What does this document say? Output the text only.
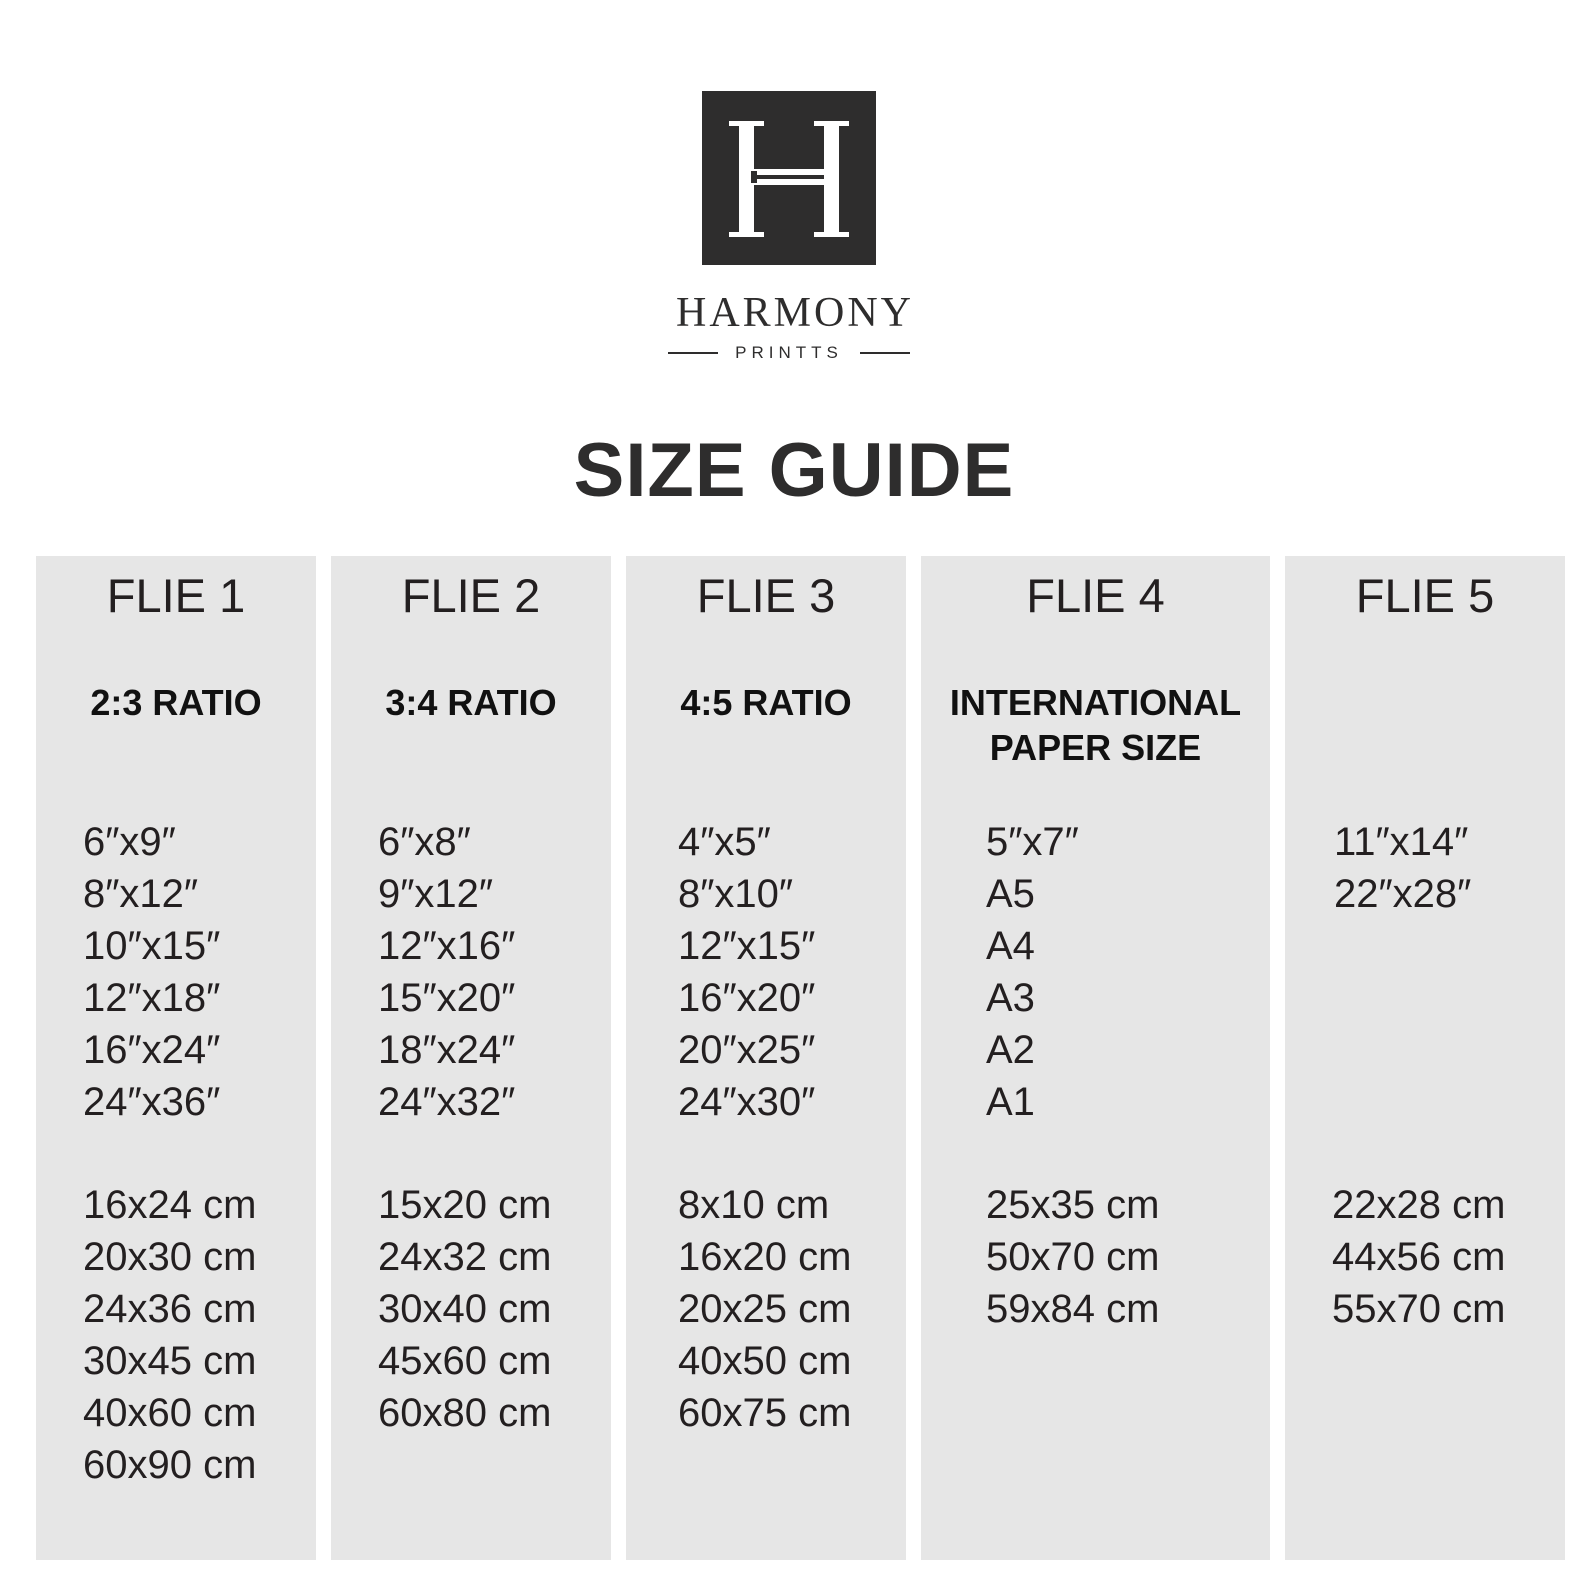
HARMONY
PRINTTS
SIZE GUIDE
FLIE 1
2:3 RATIO
6″x9″
8″x12″
10″x15″
12″x18″
16″x24″
24″x36″
16x24 cm
20x30 cm
24x36 cm
30x45 cm
40x60 cm
60x90 cm
FLIE 2
3:4 RATIO
6″x8″
9″x12″
12″x16″
15″x20″
18″x24″
24″x32″
15x20 cm
24x32 cm
30x40 cm
45x60 cm
60x80 cm
FLIE 3
4:5 RATIO
4″x5″
8″x10″
12″x15″
16″x20″
20″x25″
24″x30″
8x10 cm
16x20 cm
20x25 cm
40x50 cm
60x75 cm
FLIE 4
INTERNATIONAL
PAPER SIZE
5″x7″
A5
A4
A3
A2
A1
25x35 cm
50x70 cm
59x84 cm
FLIE 5
11″x14″
22″x28″
22x28 cm
44x56 cm
55x70 cm
